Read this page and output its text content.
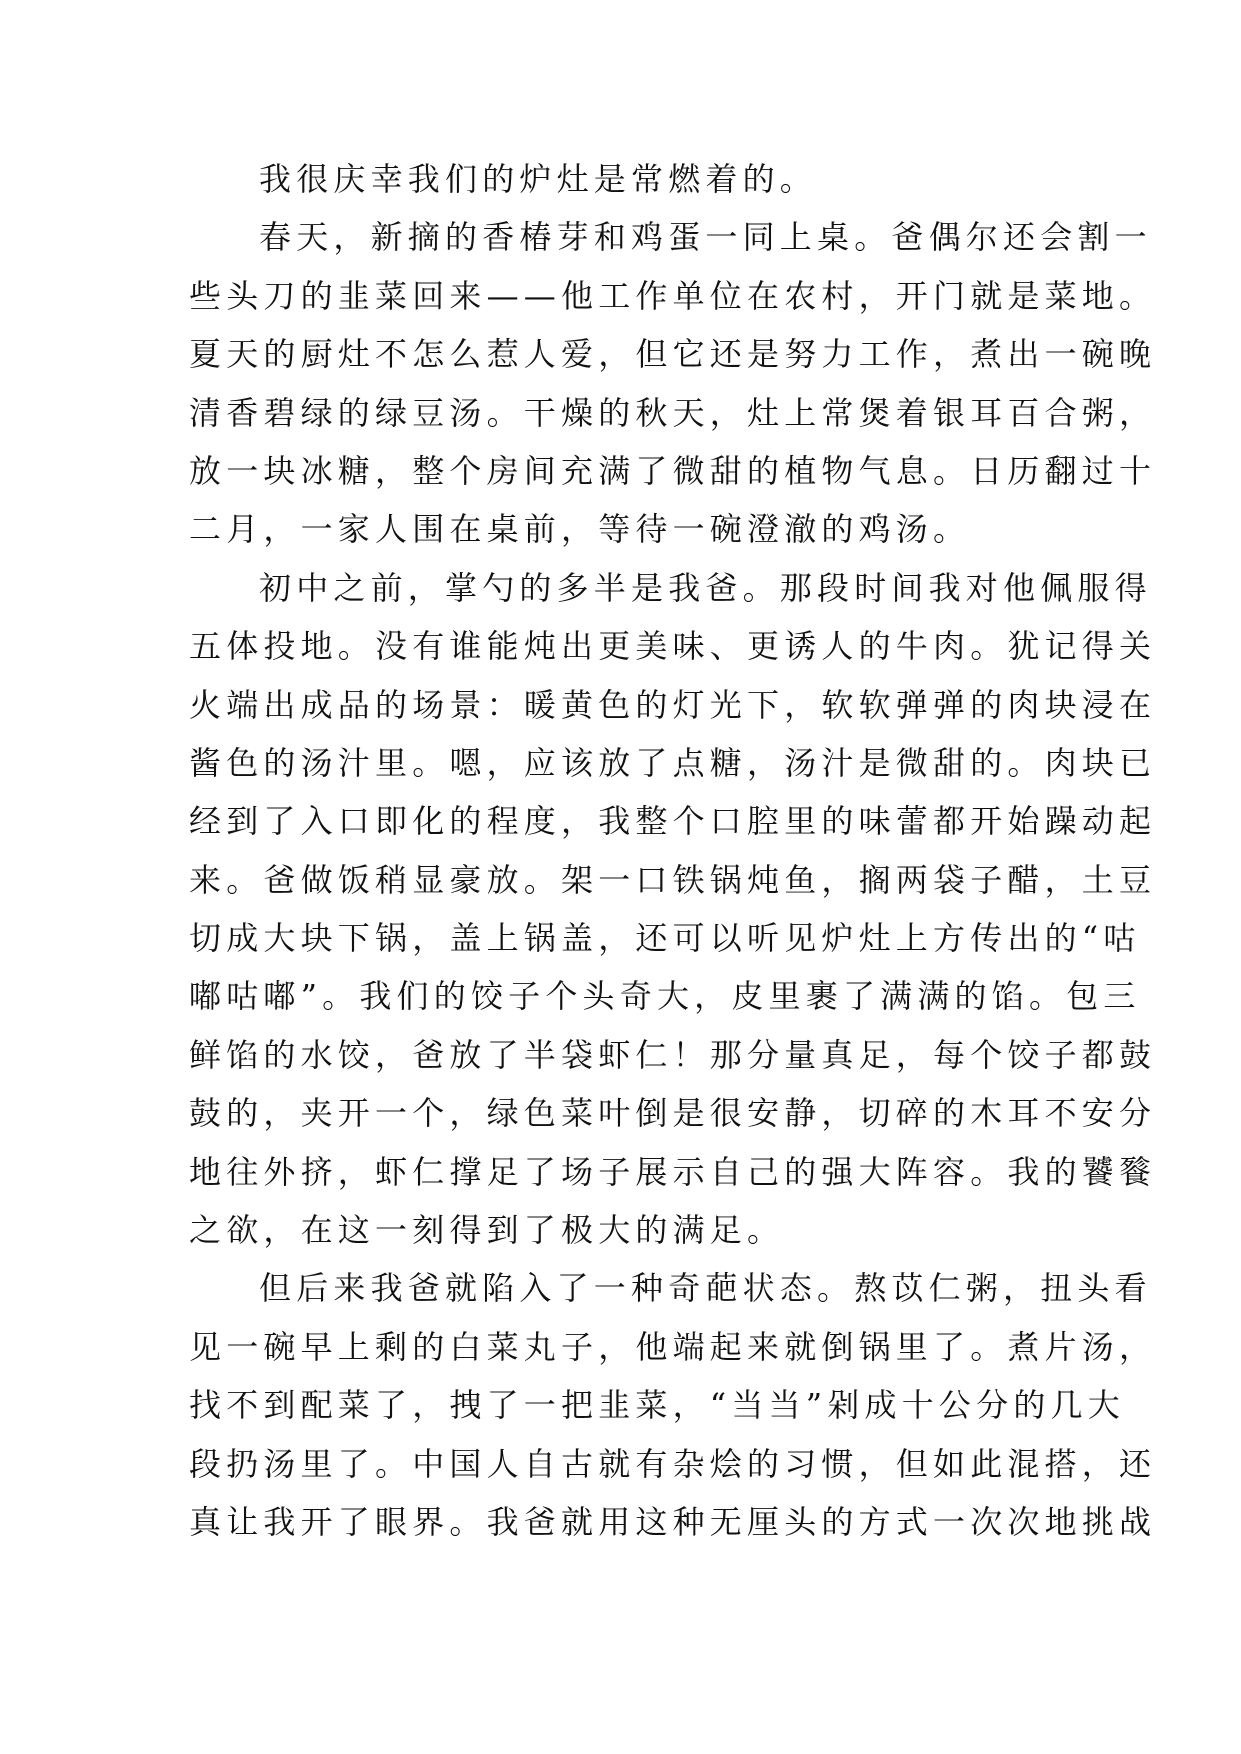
我很庆幸我们的炉灶是常燃着的。
春天，新摘的香椿芽和鸡蛋一同上桌。爸偶尔还会割一
些头刀的韭菜回来——他工作单位在农村，开门就是菜地。
夏天的厨灶不怎么惹人爱，但它还是努力工作，煮出一碗晚
清香碧绿的绿豆汤。干燥的秋天，灶上常煲着银耳百合粥，
放一块冰糖，整个房间充满了微甜的植物气息。日历翻过十
二月，一家人围在桌前，等待一碗澄澈的鸡汤。
初中之前，掌勺的多半是我爸。那段时间我对他佩服得
五体投地。没有谁能炖出更美味、更诱人的牛肉。犹记得关
火端出成品的场景：暖黄色的灯光下，软软弹弹的肉块浸在
酱色的汤汁里。嗯，应该放了点糖，汤汁是微甜的。肉块已
经到了入口即化的程度，我整个口腔里的味蕾都开始躁动起
来。爸做饭稍显豪放。架一口铁锅炖鱼，搁两袋子醋，土豆
切成大块下锅，盖上锅盖，还可以听见炉灶上方传出的“咕
嘟咕嘟”。我们的饺子个头奇大，皮里裹了满满的馅。包三
鲜馅的水饺，爸放了半袋虾仁！那分量真足，每个饺子都鼓
鼓的，夹开一个，绿色菜叶倒是很安静，切碎的木耳不安分
地往外挤，虾仁撑足了场子展示自己的强大阵容。我的饕餮
之欲，在这一刻得到了极大的满足。
但后来我爸就陷入了一种奇葩状态。熬苡仁粥，扭头看
见一碗早上剩的白菜丸子，他端起来就倒锅里了。煮片汤，
找不到配菜了，拽了一把韭菜，“当当”剁成十公分的几大
段扔汤里了。中国人自古就有杂烩的习惯，但如此混搭，还
真让我开了眼界。我爸就用这种无厘头的方式一次次地挑战
